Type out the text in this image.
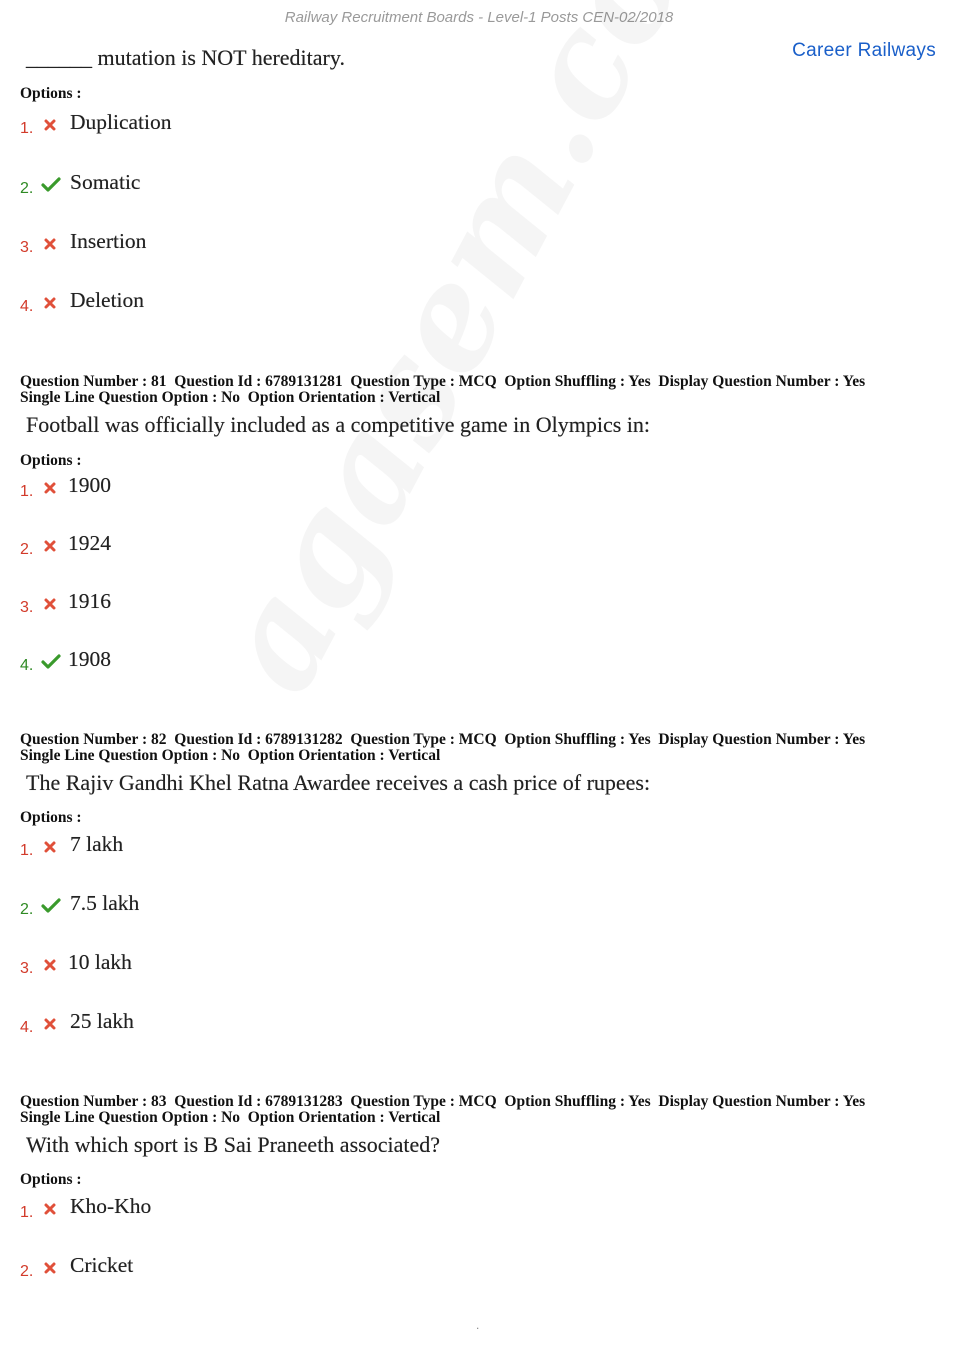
Railway Recruitment Boards - Level-1 Posts CEN-02/2018
Career Railways
______ mutation is NOT hereditary.
Options :
1. Duplication
2. Somatic
3. Insertion
4. Deletion
Question Number : 81  Question Id : 6789131281  Question Type : MCQ  Option Shuffling : Yes  Display Question Number : Yes
Single Line Question Option : No  Option Orientation : Vertical
Football was officially included as a competitive game in Olympics in:
Options :
1. 1900
2. 1924
3. 1916
4. 1908
Question Number : 82  Question Id : 6789131282  Question Type : MCQ  Option Shuffling : Yes  Display Question Number : Yes
Single Line Question Option : No  Option Orientation : Vertical
The Rajiv Gandhi Khel Ratna Awardee receives a cash price of rupees:
Options :
1. 7 lakh
2. 7.5 lakh
3. 10 lakh
4. 25 lakh
Question Number : 83  Question Id : 6789131283  Question Type : MCQ  Option Shuffling : Yes  Display Question Number : Yes
Single Line Question Option : No  Option Orientation : Vertical
With which sport is B Sai Praneeth associated?
Options :
1. Kho-Kho
2. Cricket
.
